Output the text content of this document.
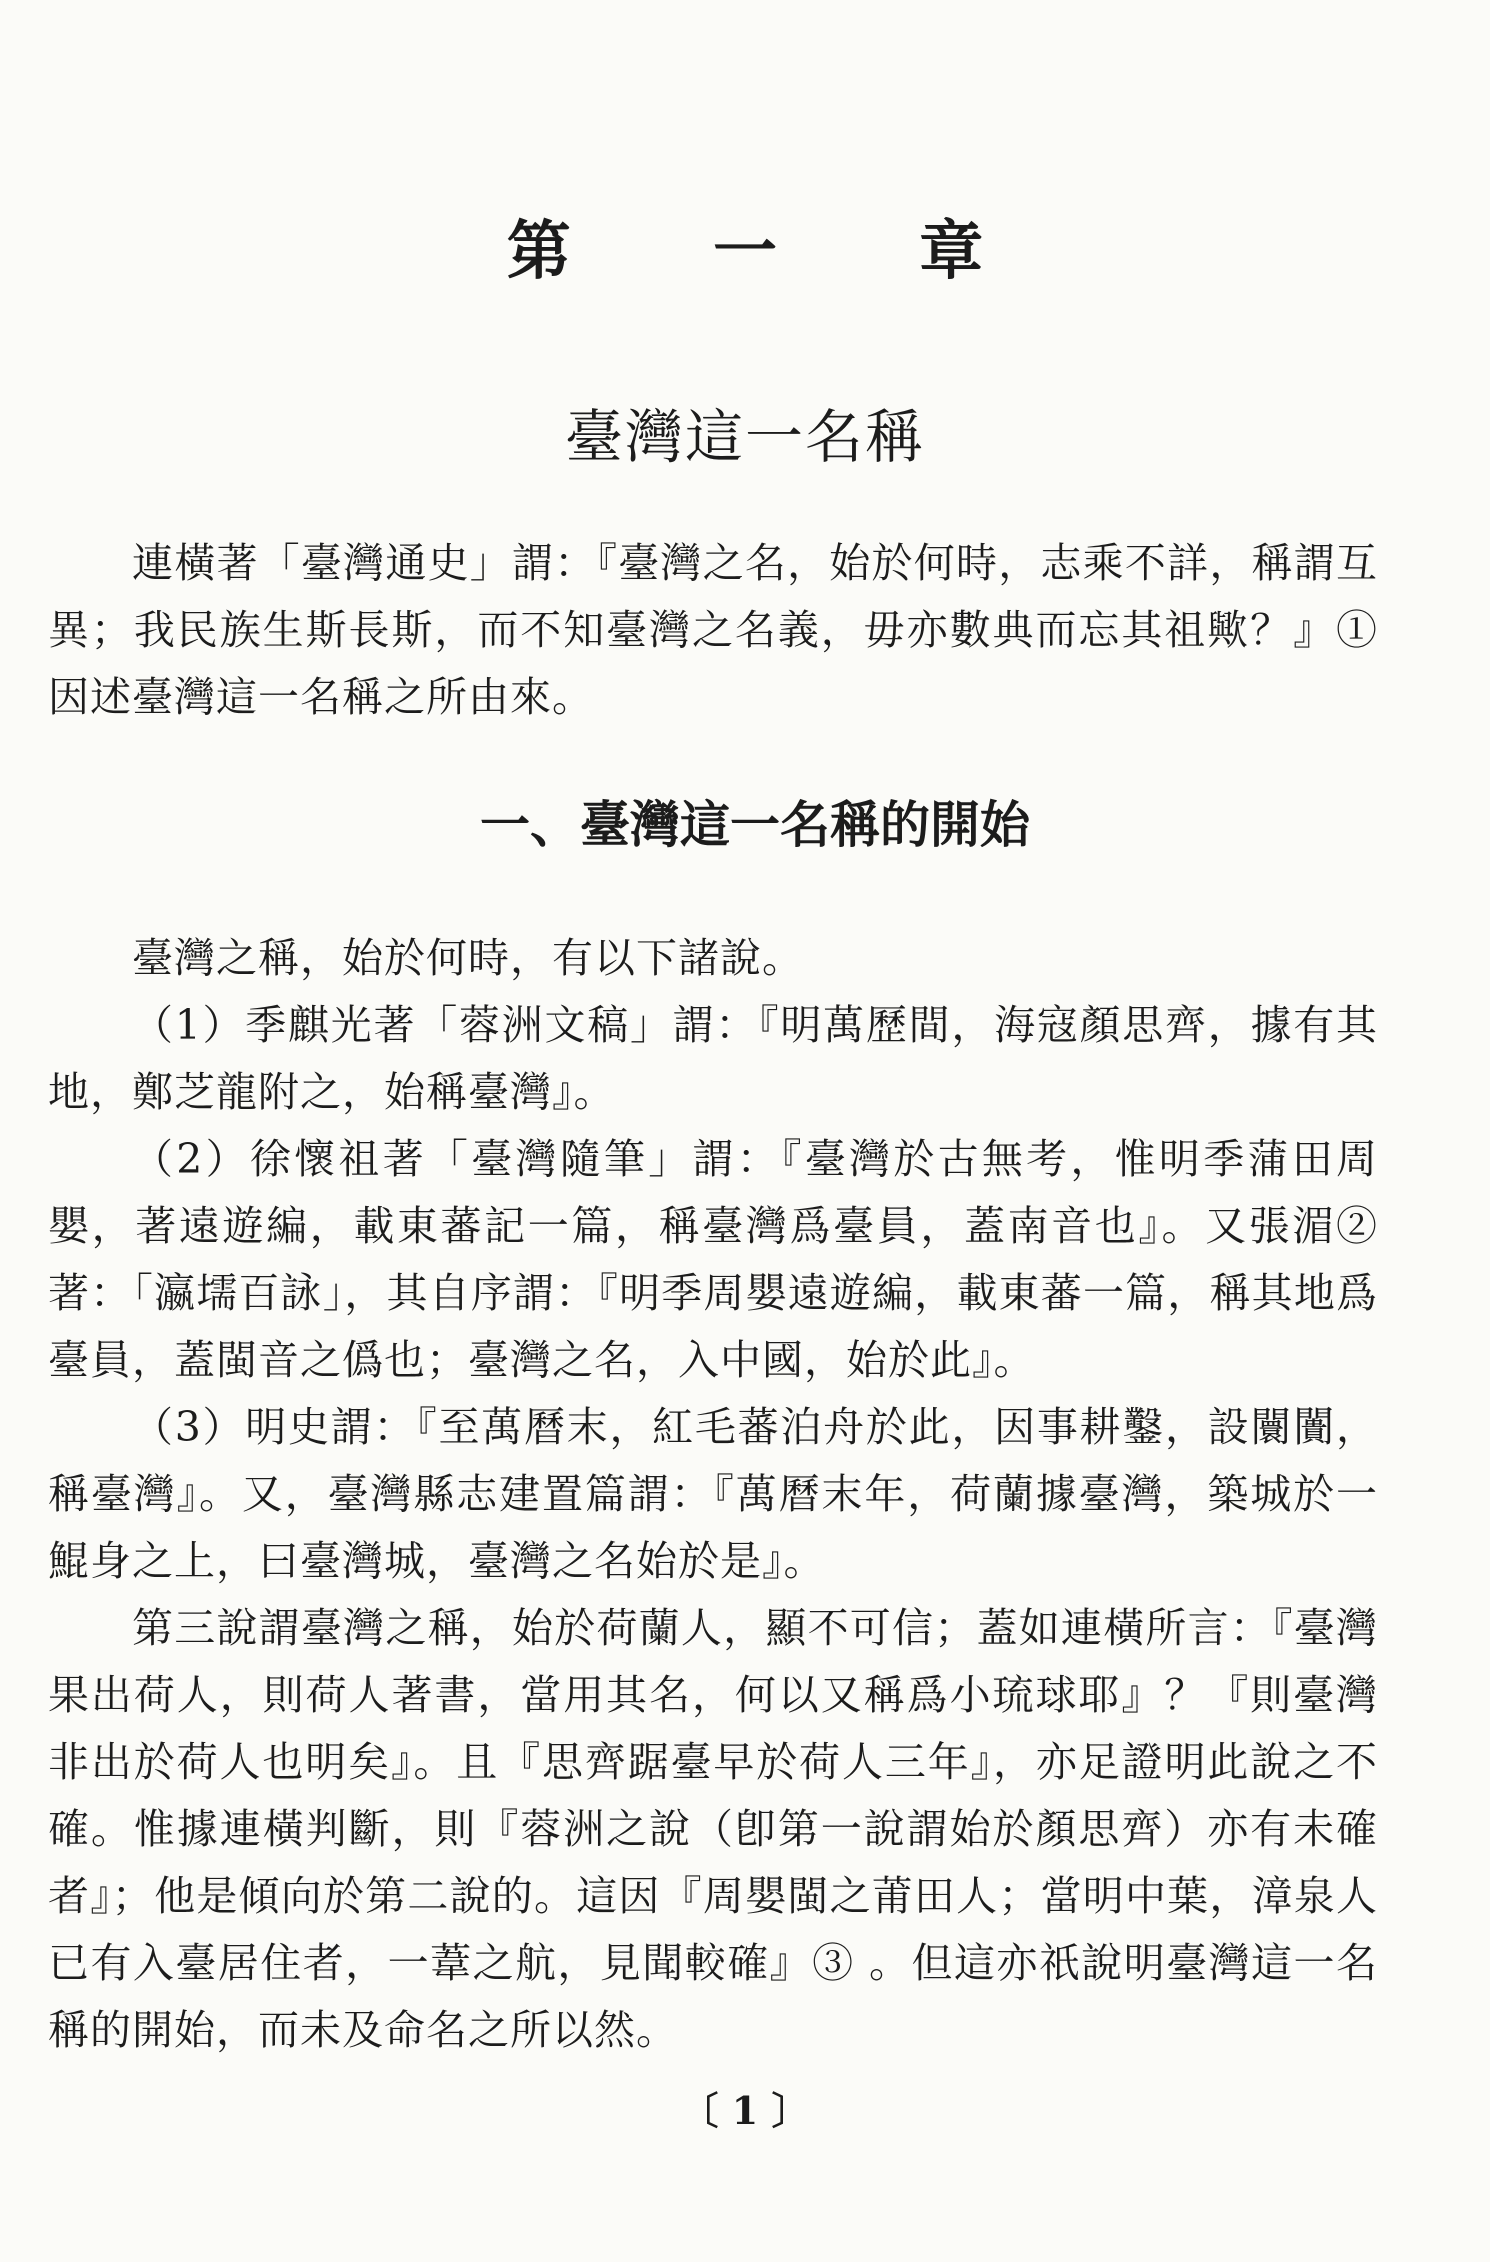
第 一 章
臺灣這一名稱

連橫著「臺灣通史」謂：『臺灣之名，始於何時，志乘不詳，稱謂互異；我民族生斯長斯，而不知臺灣之名義，毋亦數典而忘其祖歟？』① 因述臺灣這一名稱之所由來。

一、臺灣這一名稱的開始

臺灣之稱，始於何時，有以下諸說。

（1）季麒光著「蓉洲文稿」謂：『明萬歷間，海寇顏思齊，據有其地，鄭芝龍附之，始稱臺灣』。

（2）徐懷祖著「臺灣隨筆」謂：『臺灣於古無考，惟明季蒲田周嬰，著遠遊編，載東蕃記一篇，稱臺灣爲臺員，蓋南音也』。又張湄② 著：「瀛壖百詠」，其自序謂：『明季周嬰遠遊編，載東蕃一篇，稱其地爲臺員，蓋閩音之僞也；臺灣之名，入中國，始於此』。

（3）明史謂：『至萬曆末，紅毛蕃泊舟於此，因事耕鑿，設闤闠，稱臺灣』。又，臺灣縣志建置篇謂：『萬曆末年，荷蘭據臺灣，築城於一鯤身之上，曰臺灣城，臺灣之名始於是』。

第三說謂臺灣之稱，始於荷蘭人，顯不可信；蓋如連橫所言：『臺灣果出荷人，則荷人著書，當用其名，何以又稱爲小琉球耶』？『則臺灣非出於荷人也明矣』。且『思齊踞臺早於荷人三年』，亦足證明此說之不確。惟據連橫判斷，則『蓉洲之說（卽第一說謂始於顏思齊）亦有未確者』；他是傾向於第二說的。這因『周嬰閩之莆田人；當明中葉，漳泉人已有入臺居住者，一葦之航，見聞較確』③ 。但這亦祇說明臺灣這一名稱的開始，而未及命名之所以然。

〔 1 〕
